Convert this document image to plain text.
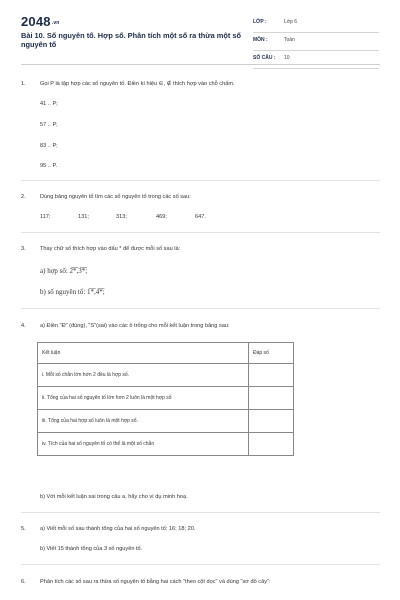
2048.vn
Bài 10. Số nguyên tố. Hợp số. Phân tích một số ra thừa một số nguyên tố
LỚP :	Lớp 6
MÔN :	Toán
SỐ CÂU : 10
1.	Gọi P là tập hợp các số nguyên tố. Điền kí hiệu ∈, ∉ thích hợp vào chỗ chấm.
41 .. P;
57 .. P;
83 .. P;
95 .. P.
2.	Dùng bảng nguyên tố tìm các số nguyên tố trong các số sau:
117;	131;	313;	469;	647.
3.	Thay chữ số thích hợp vào dấu * để được mỗi số sau là:
a) hợp số: 2̅*̅,3̅*̅;
b) số nguyên tố: 1̅*̅,4̅*̅;
4.	a) Điền "Đ" (đúng), "S"(sai) vào các ô trống cho mỗi kết luận trong bảng sau:
Kết luận	Đáp số
i. Mỗi số chẵn lớn hơn 2 đều là hợp số.	
ii. Tổng của hai số nguyên tố lớn hơn 2 luôn là một hợp số	
iii. Tổng của hai hợp số luôn là một hợp số.	
iv. Tích của hai số nguyên tố có thể là một số chẵn	
b) Với mỗi kết luận sai trong câu a, hãy cho ví dụ minh hoạ.
5.	a) Viết mỗi số sau thành tổng của hai số nguyên tố: 16; 18; 20.
b) Viết 15 thành tổng của 3 số nguyên tố.
6.	Phân tích các số sau ra thừa số nguyên tố bằng hai cách "theo cột dọc" và dùng "sơ đồ cây":
